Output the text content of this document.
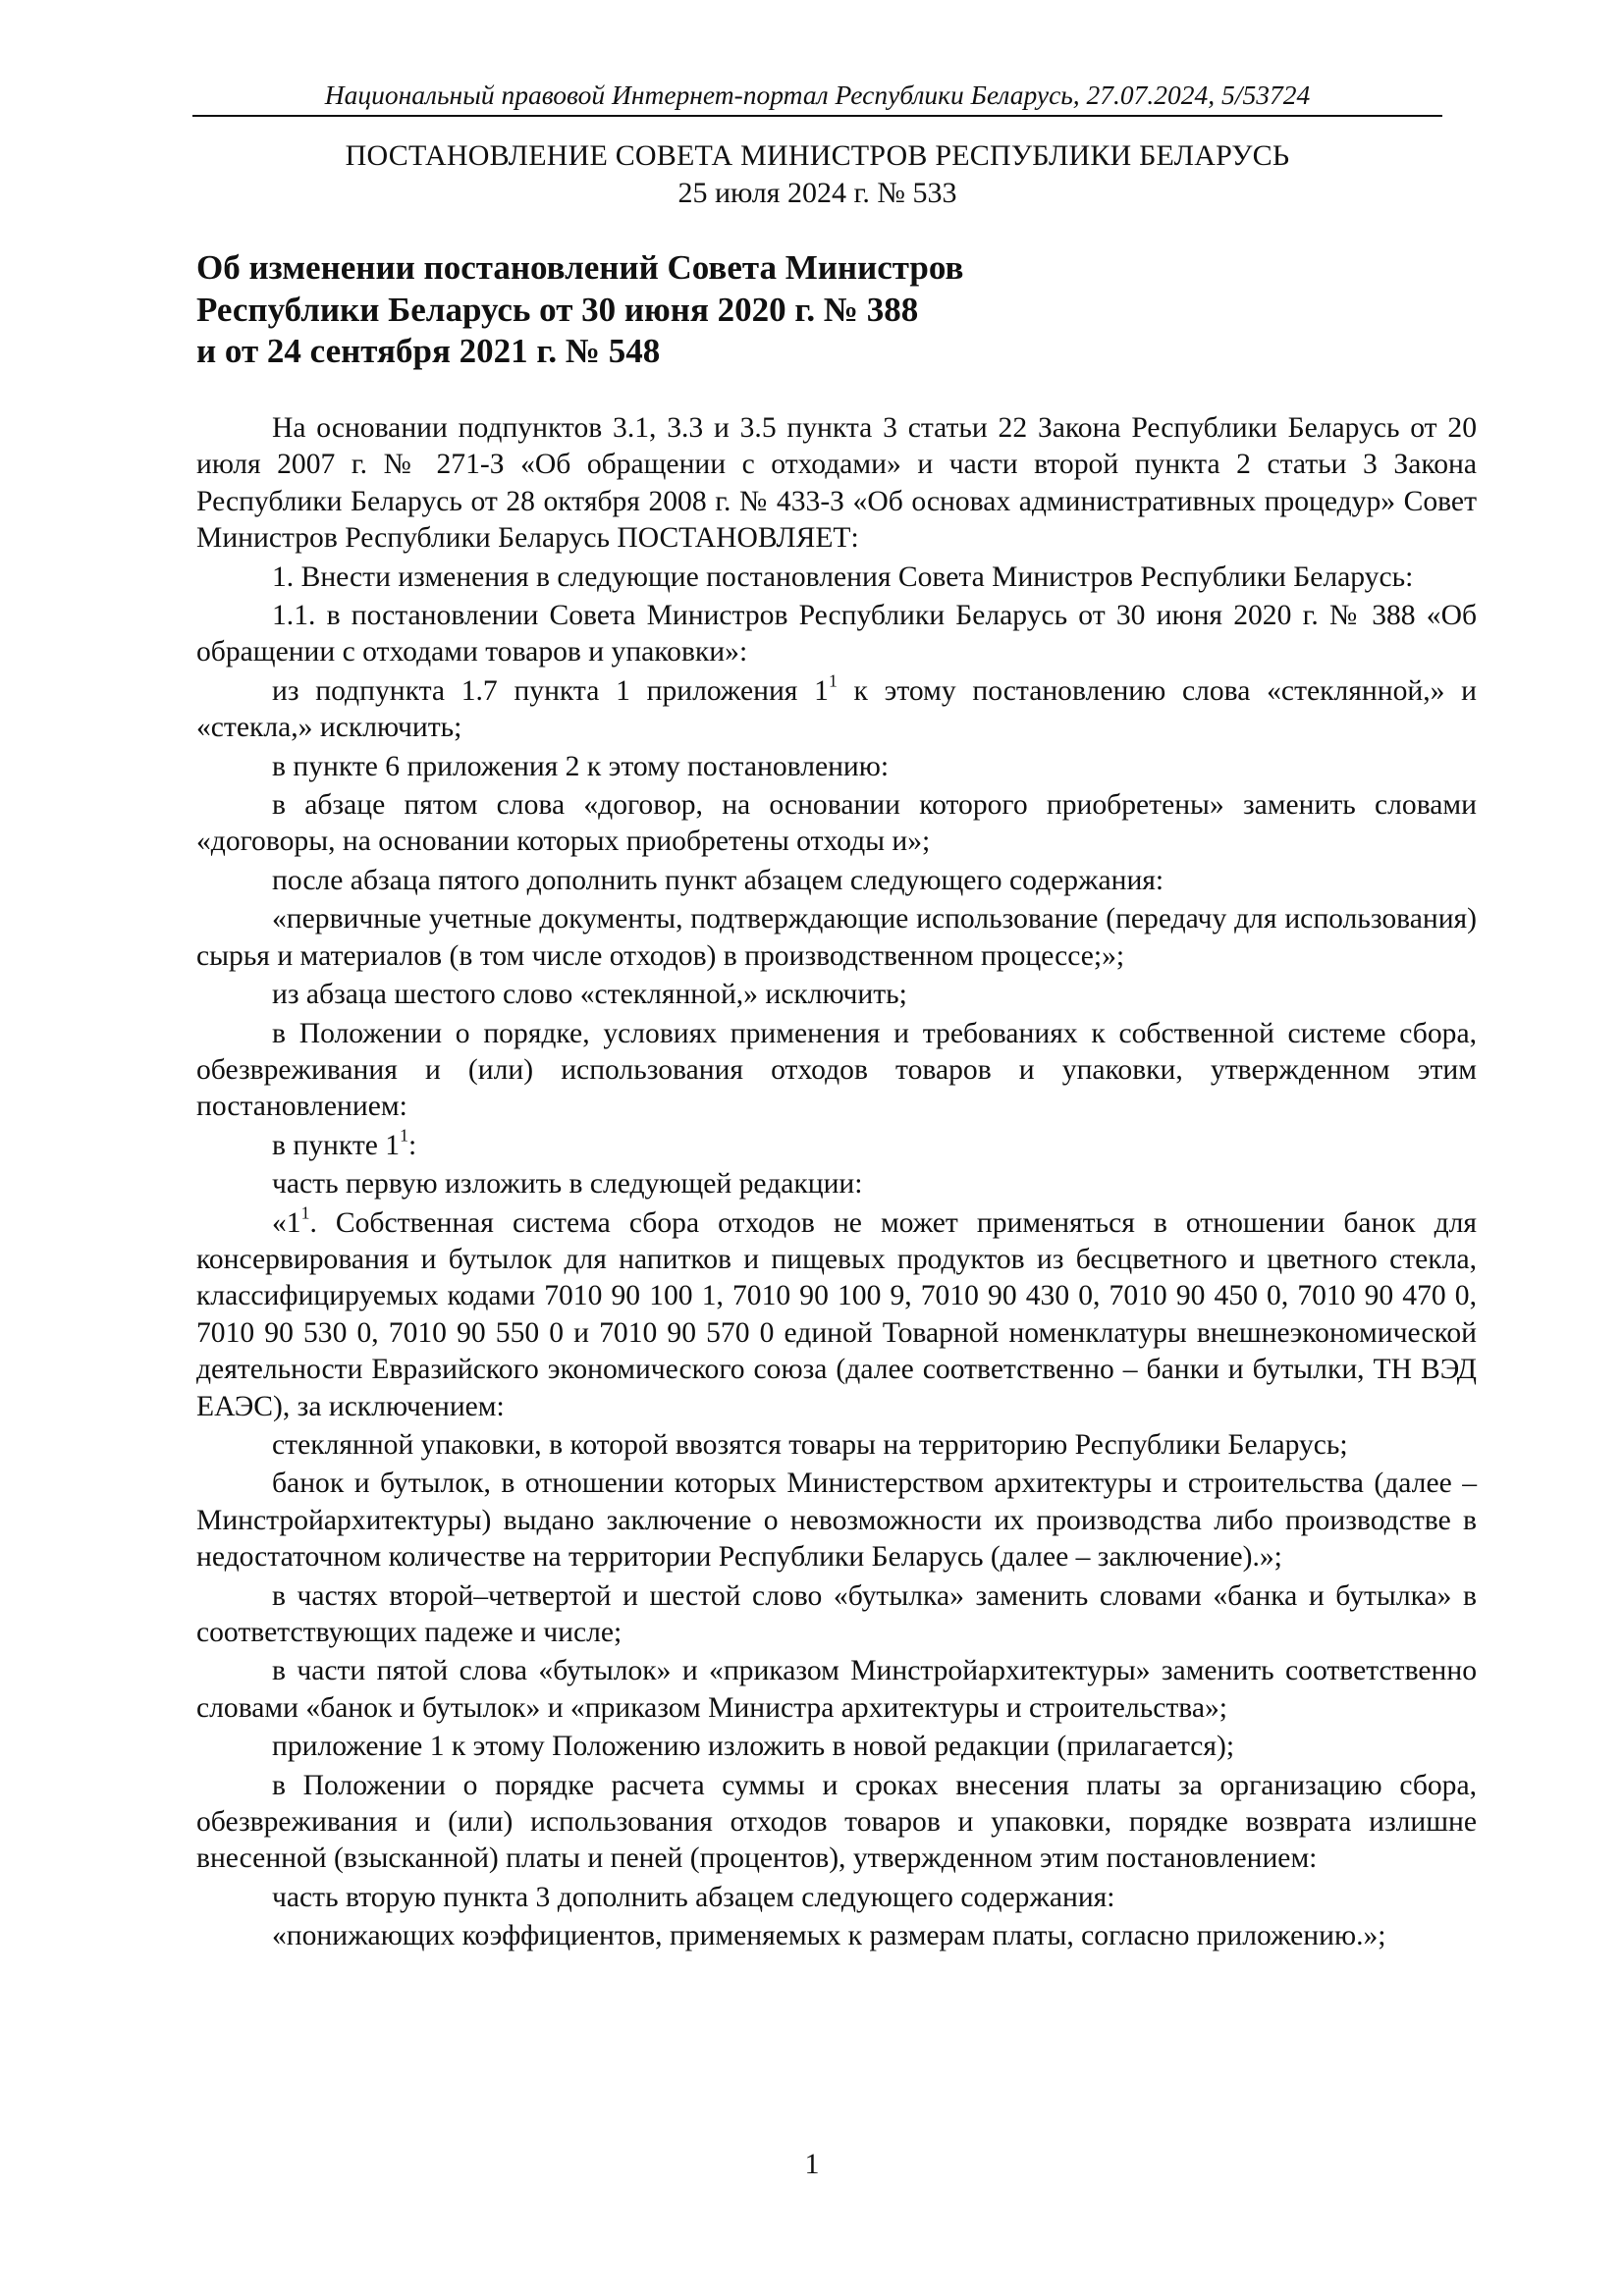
Национальный правовой Интернет-портал Республики Беларусь, 27.07.2024, 5/53724
ПОСТАНОВЛЕНИЕ СОВЕТА МИНИСТРОВ РЕСПУБЛИКИ БЕЛАРУСЬ
25 июля 2024 г. № 533
Об изменении постановлений Совета Министров
Республики Беларусь от 30 июня 2020 г. № 388
и от 24 сентября 2021 г. № 548

На основании подпунктов 3.1, 3.3 и 3.5 пункта 3 статьи 22 Закона Республики Беларусь от 20 июля 2007 г. № 271-З «Об обращении с отходами» и части второй пункта 2 статьи 3 Закона Республики Беларусь от 28 октября 2008 г. № 433-З «Об основах административных процедур» Совет Министров Республики Беларусь ПОСТАНОВЛЯЕТ:

1. Внести изменения в следующие постановления Совета Министров Республики Беларусь:

1.1. в постановлении Совета Министров Республики Беларусь от 30 июня 2020 г. № 388 «Об обращении с отходами товаров и упаковки»:

из подпункта 1.7 пункта 1 приложения $1^1$ к этому постановлению слова «стеклянной,» и «стекла,» исключить;

в пункте 6 приложения 2 к этому постановлению:

в абзаце пятом слова «договор, на основании которого приобретены» заменить словами «договоры, на основании которых приобретены отходы и»;

после абзаца пятого дополнить пункт абзацем следующего содержания:

«первичные учетные документы, подтверждающие использование (передачу для использования) сырья и материалов (в том числе отходов) в производственном процессе;»;

из абзаца шестого слово «стеклянной,» исключить;

в Положении о порядке, условиях применения и требованиях к собственной системе сбора, обезвреживания и (или) использования отходов товаров и упаковки, утвержденном этим постановлением:

в пункте $1^1$:

часть первую изложить в следующей редакции:

«$1^1$. Собственная система сбора отходов не может применяться в отношении банок для консервирования и бутылок для напитков и пищевых продуктов из бесцветного и цветного стекла, классифицируемых кодами 7010 90 100 1, 7010 90 100 9, 7010 90 430 0, 7010 90 450 0, 7010 90 470 0, 7010 90 530 0, 7010 90 550 0 и 7010 90 570 0 единой Товарной номенклатуры внешнеэкономической деятельности Евразийского экономического союза (далее соответственно – банки и бутылки, ТН ВЭД ЕАЭС), за исключением:

стеклянной упаковки, в которой ввозятся товары на территорию Республики Беларусь;

банок и бутылок, в отношении которых Министерством архитектуры и строительства (далее – Минстройархитектуры) выдано заключение о невозможности их производства либо производстве в недостаточном количестве на территории Республики Беларусь (далее – заключение).»;

в частях второй–четвертой и шестой слово «бутылка» заменить словами «банка и бутылка» в соответствующих падеже и числе;

в части пятой слова «бутылок» и «приказом Минстройархитектуры» заменить соответственно словами «банок и бутылок» и «приказом Министра архитектуры и строительства»;

приложение 1 к этому Положению изложить в новой редакции (прилагается);

в Положении о порядке расчета суммы и сроках внесения платы за организацию сбора, обезвреживания и (или) использования отходов товаров и упаковки, порядке возврата излишне внесенной (взысканной) платы и пеней (процентов), утвержденном этим постановлением:

часть вторую пункта 3 дополнить абзацем следующего содержания:

«понижающих коэффициентов, применяемых к размерам платы, согласно приложению.»;

1
